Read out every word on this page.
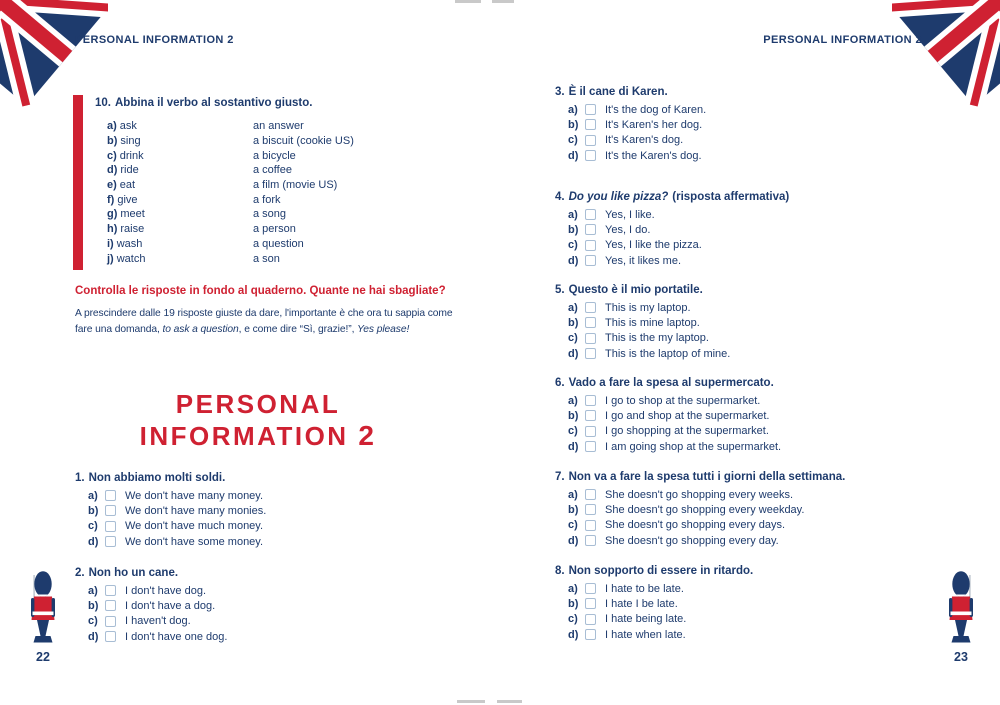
PERSONAL INFORMATION 2	PERSONAL INFORMATION 2
10. Abbina il verbo al sostantivo giusto.
a) ask	an answer
b) sing	a biscuit (cookie US)
c) drink	a bicycle
d) ride	a coffee
e) eat	a film (movie US)
f) give	a fork
g) meet	a song
h) raise	a person
i) wash	a question
j) watch	a son
Controlla le risposte in fondo al quaderno. Quante ne hai sbagliate?

A prescindere dalle 19 risposte giuste da dare, l'importante è che ora tu sappia come
fare una domanda, to ask a question, e come dire “Sì, grazie!”, Yes please!

PERSONAL
INFORMATION 2
1. Non abbiamo molti soldi.
a)	We don't have many money.
b)	We don't have many monies.
c)	We don't have much money.
d)	We don't have some money.
2. Non ho un cane.
a)	I don't have dog.
b)	I don't have a dog.
c)	I haven't dog.
d)	I don't have one dog.
3. È il cane di Karen.
a)	It's the dog of Karen.
b)	It's Karen's her dog.
c)	It's Karen's dog.
d)	It's the Karen's dog.
4. Do you like pizza? (risposta affermativa)
a)	Yes, I like.
b)	Yes, I do.
c)	Yes, I like the pizza.
d)	Yes, it likes me.
5. Questo è il mio portatile.
a)	This is my laptop.
b)	This is mine laptop.
c)	This is the my laptop.
d)	This is the laptop of mine.
6. Vado a fare la spesa al supermercato.
a)	I go to shop at the supermarket.
b)	I go and shop at the supermarket.
c)	I go shopping at the supermarket.
d)	I am going shop at the supermarket.
7. Non va a fare la spesa tutti i giorni della settimana.
a)	She doesn't go shopping every weeks.
b)	She doesn't go shopping every weekday.
c)	She doesn't go shopping every days.
d)	She doesn't go shopping every day.
8. Non sopporto di essere in ritardo.
a)	I hate to be late.
b)	I hate I be late.
c)	I hate being late.
d)	I hate when late.
22	23
